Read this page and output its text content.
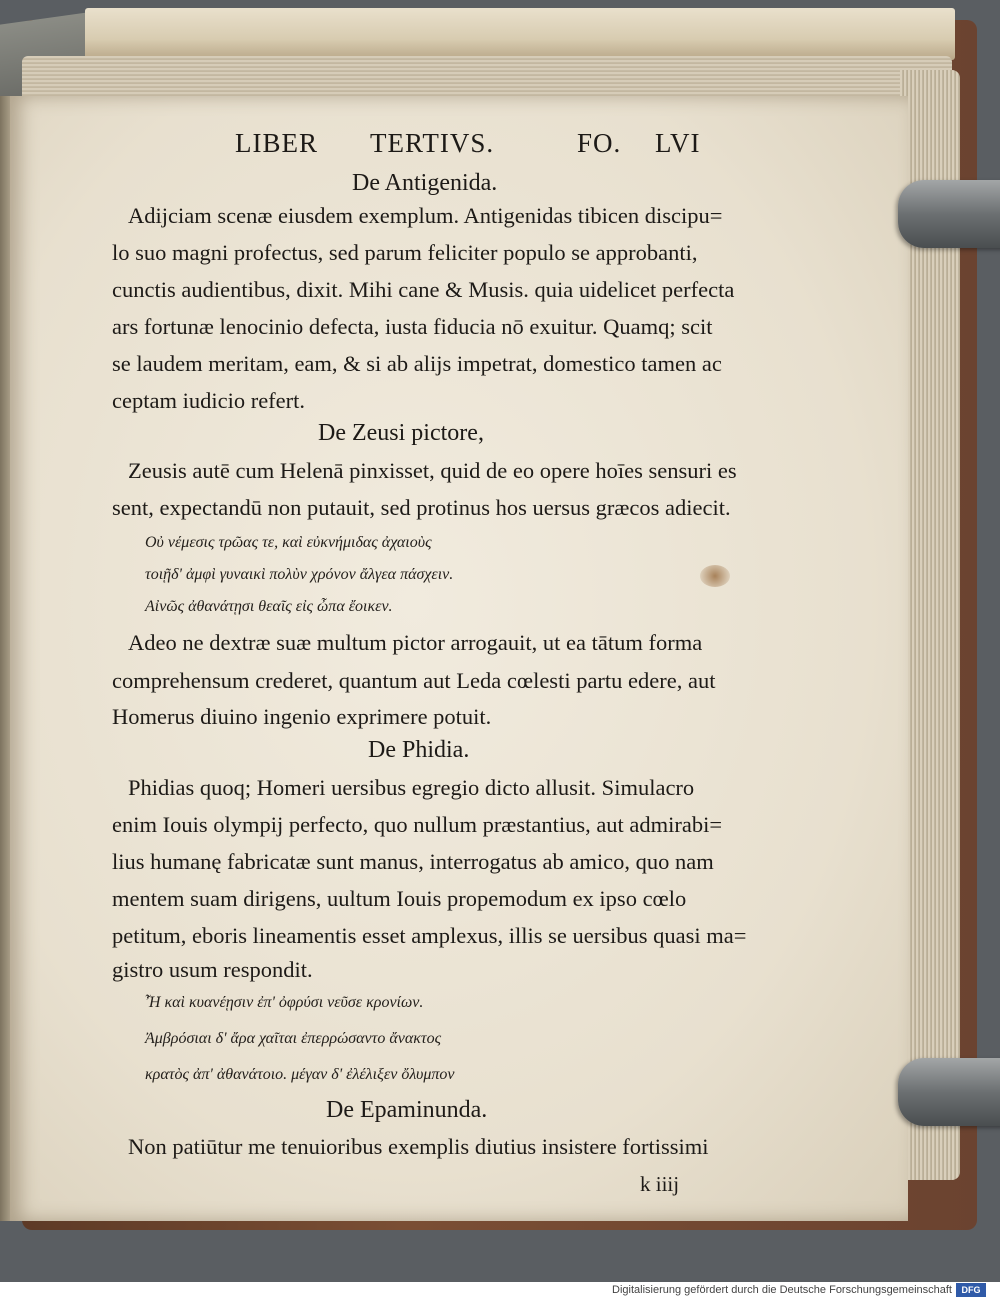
LIBER TERTIVS.	FO. LVI
De Antigenida.
Adijciam scenæ eiusdem exemplum. Antigenidas tibicen discipu=
lo suo magni profectus, sed parum feliciter populo se approbanti,
cunctis audientibus, dixit. Mihi cane & Musis. quia uidelicet perfecta
ars fortunæ lenocinio defecta, iusta fiducia nō exuitur. Quamq; scit
se laudem meritam, eam, & si ab alijs impetrat, domestico tamen ac
ceptam iudicio refert.
De Zeusi pictore,
Zeusis autē cum Helenā pinxisset, quid de eo opere hoīes sensuri es
sent, expectandū non putauit, sed protinus hos uersus græcos adiecit.
Οὐ νέμεσις τρῶας τε, καὶ εὐκνήμιδας ἀχαιοὺς
τοιῇδ' ἀμφὶ γυναικὶ πολὺν χρόνον ἄλγεα πάσχειν.
Αἰνῶς ἀθανάτῃσι θεαῖς εἰς ὦπα ἔοικεν.
Adeo ne dextræ suæ multum pictor arrogauit, ut ea tātum forma
comprehensum crederet, quantum aut Leda cœlesti partu edere, aut
Homerus diuino ingenio exprimere potuit.
De Phidia.
Phidias quoq; Homeri uersibus egregio dicto allusit. Simulacro
enim Iouis olympij perfecto, quo nullum præstantius, aut admirabi=
lius humanę fabricatæ sunt manus, interrogatus ab amico, quo nam
mentem suam dirigens, uultum Iouis propemodum ex ipso cœlo
petitum, eboris lineamentis esset amplexus, illis se uersibus quasi ma=
gistro usum respondit.
Ἦ καὶ κυανέῃσιν ἐπ' ὀφρύσι νεῦσε κρονίων.
Ἀμβρόσιαι δ' ἄρα χαῖται ἐπερρώσαντο ἄνακτος
κρατὸς ἀπ' ἀθανάτοιο. μέγαν δ' ἐλέλιξεν ὄλυμπον
De Epaminunda.
Non patiūtur me tenuioribus exemplis diutius insistere fortissimi
k iiij
Digitalisierung gefördert durch die Deutsche Forschungsgemeinschaft	DFG
